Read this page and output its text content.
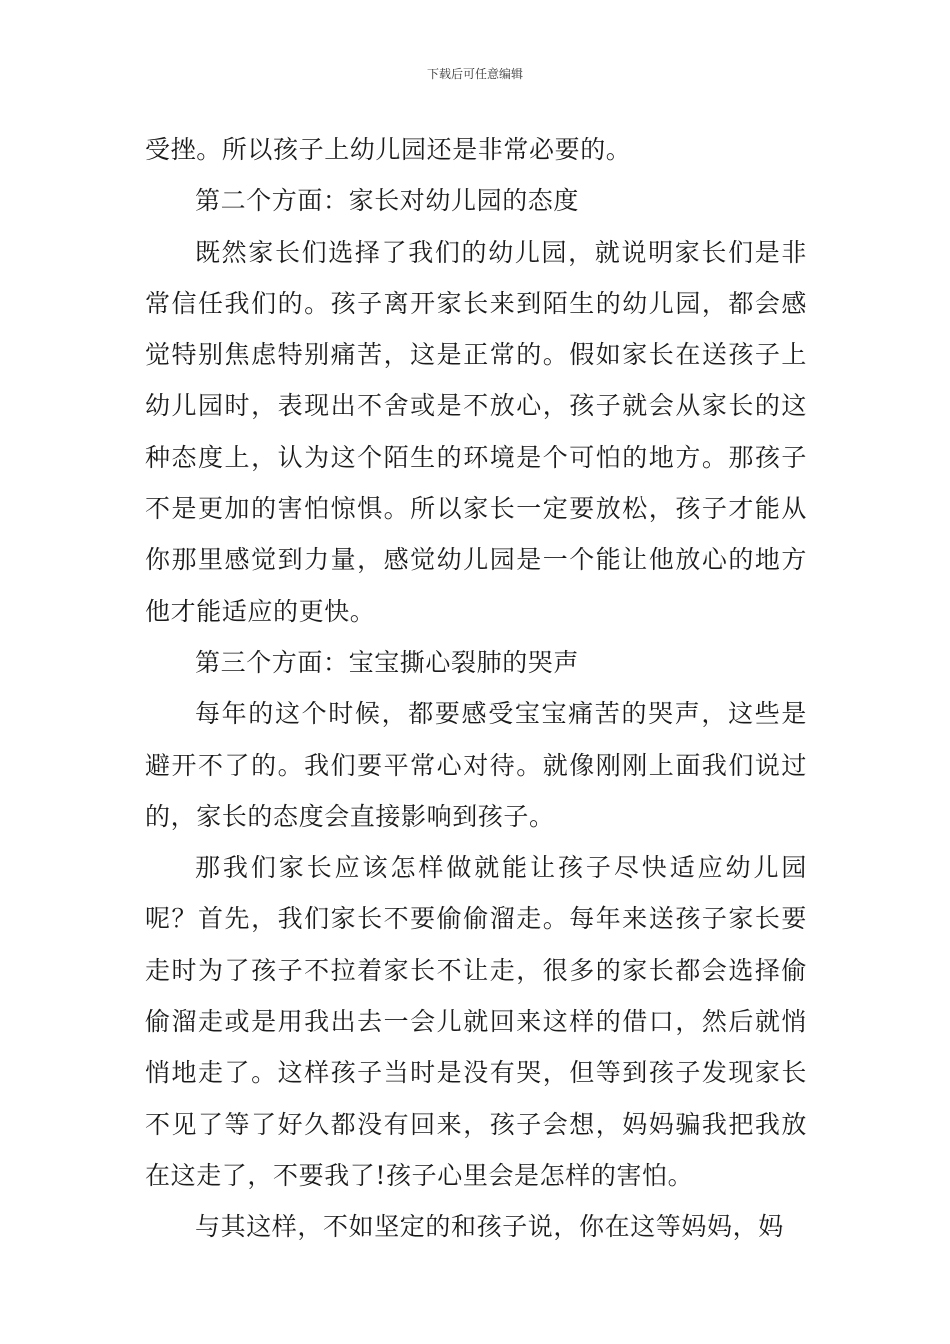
下载后可任意编辑

受挫。所以孩子上幼儿园还是非常必要的。

第二个方面：家长对幼儿园的态度

既然家长们选择了我们的幼儿园，就说明家长们是非常信任我们的。孩子离开家长来到陌生的幼儿园，都会感觉特别焦虑特别痛苦，这是正常的。假如家长在送孩子上幼儿园时，表现出不舍或是不放心，孩子就会从家长的这种态度上，认为这个陌生的环境是个可怕的地方。那孩子不是更加的害怕惊惧。所以家长一定要放松，孩子才能从你那里感觉到力量，感觉幼儿园是一个能让他放心的地方他才能适应的更快。

第三个方面：宝宝撕心裂肺的哭声

每年的这个时候，都要感受宝宝痛苦的哭声，这些是避开不了的。我们要平常心对待。就像刚刚上面我们说过的，家长的态度会直接影响到孩子。

那我们家长应该怎样做就能让孩子尽快适应幼儿园呢？首先，我们家长不要偷偷溜走。每年来送孩子家长要走时为了孩子不拉着家长不让走，很多的家长都会选择偷偷溜走或是用我出去一会儿就回来这样的借口，然后就悄悄地走了。这样孩子当时是没有哭，但等到孩子发现家长不见了等了好久都没有回来，孩子会想，妈妈骗我把我放在这走了，不要我了!孩子心里会是怎样的害怕。

与其这样，不如坚定的和孩子说，你在这等妈妈，妈
